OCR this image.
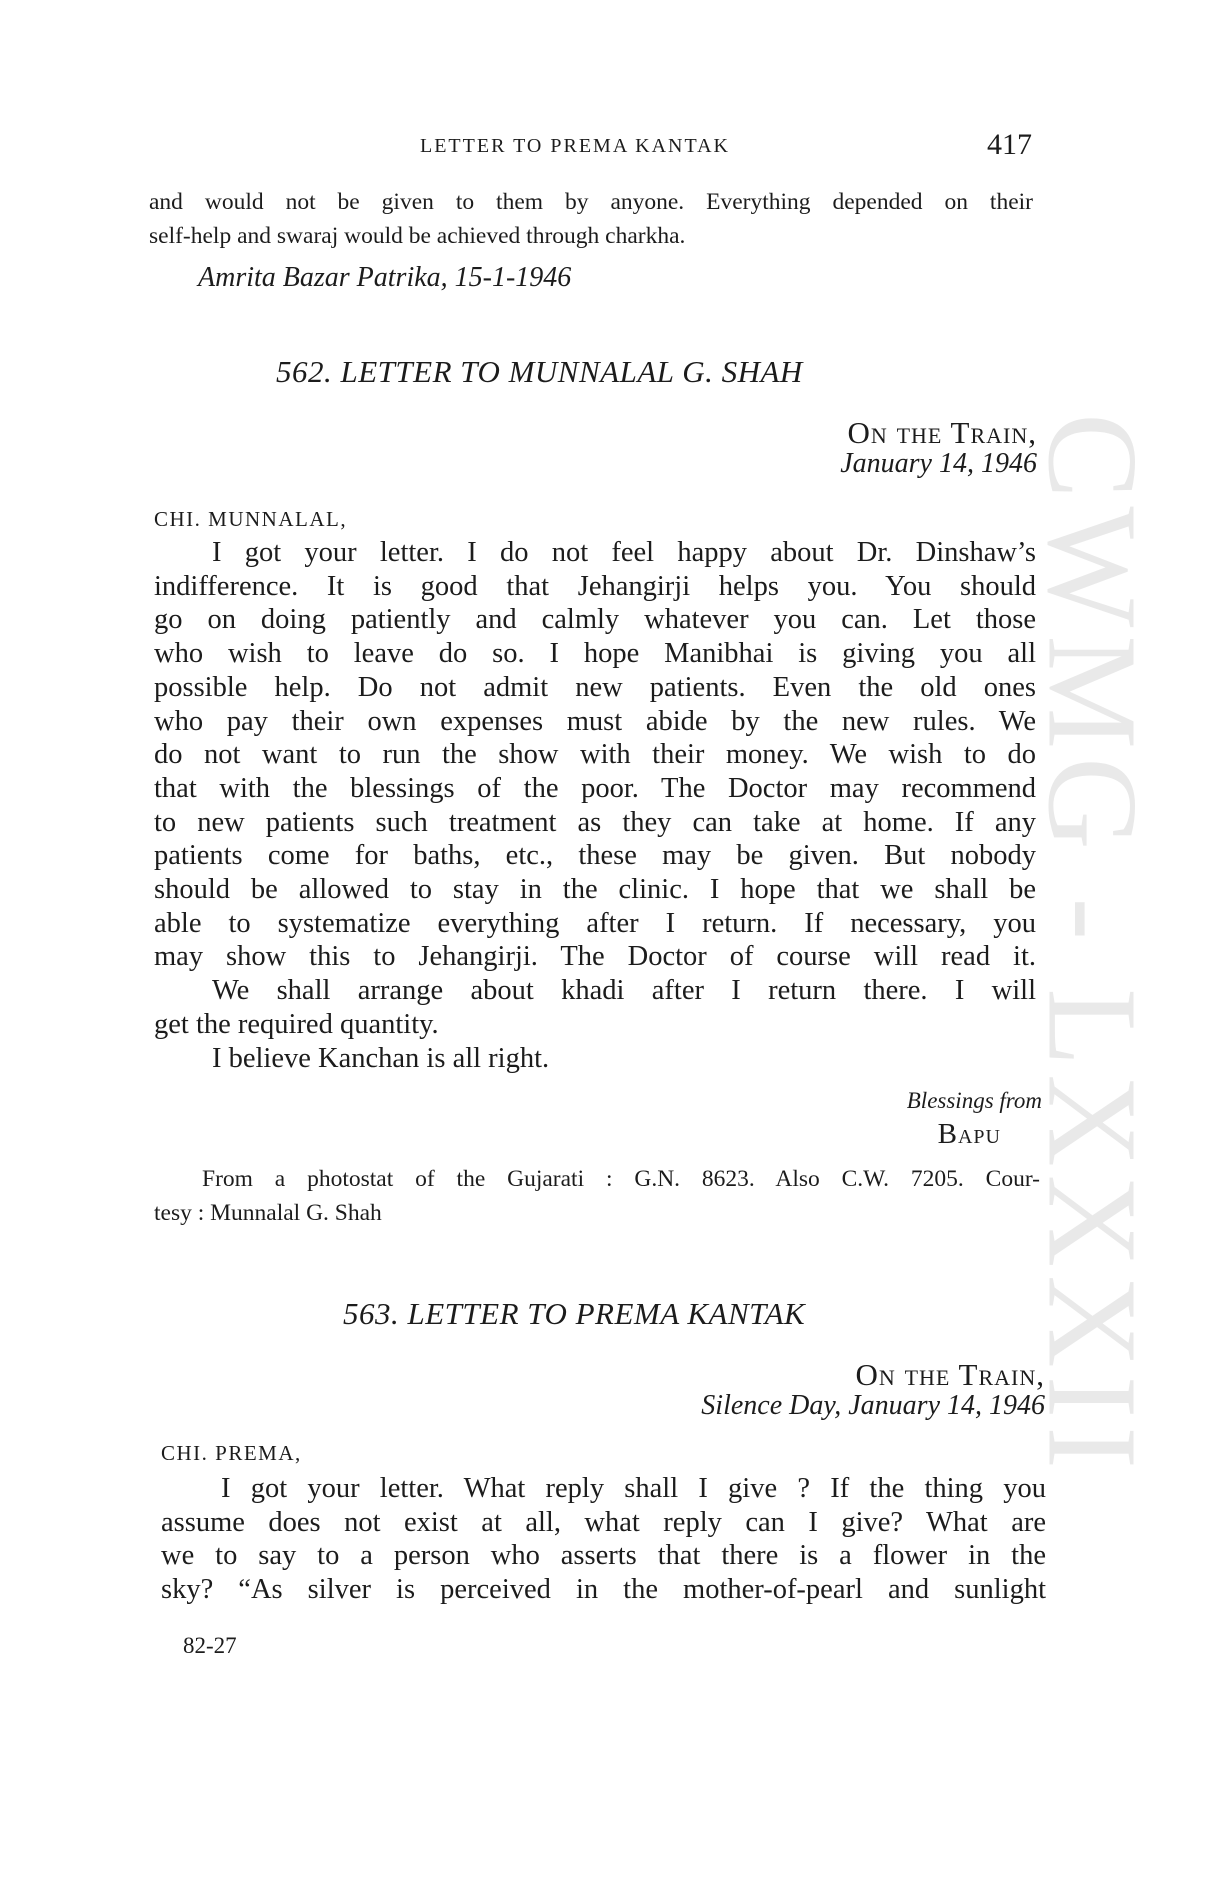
CWMG - LXXXII
LETTER TO PREMA KANTAK	417

and would not be given to them by anyone. Everything depended on their

self-help and swaraj would be achieved through charkha.

Amrita Bazar Patrika, 15-1-1946
562. LETTER TO MUNNALAL G. SHAH
On the Train,
January 14, 1946
CHI. MUNNALAL,

I got your letter. I do not feel happy about Dr. Dinshaw’s

indifference. It is good that Jehangirji helps you. You should

go on doing patiently and calmly whatever you can. Let those

who wish to leave do so. I hope Manibhai is giving you all

possible help. Do not admit new patients. Even the old ones

who pay their own expenses must abide by the new rules. We

do not want to run the show with their money. We wish to do

that with the blessings of the poor. The Doctor may recommend

to new patients such treatment as they can take at home. If any

patients come for baths, etc., these may be given. But nobody

should be allowed to stay in the clinic. I hope that we shall be

able to systematize everything after I return. If necessary, you

may show this to Jehangirji. The Doctor of course will read it.

We shall arrange about khadi after I return there. I will

get the required quantity.

I believe Kanchan is all right.

Blessings from
Bapu

From a photostat of the Gujarati : G.N. 8623. Also C.W. 7205. Cour-

tesy : Munnalal G. Shah

563. LETTER TO PREMA KANTAK
On the Train,
Silence Day, January 14, 1946
CHI. PREMA,

I got your letter. What reply shall I give ? If the thing you

assume does not exist at all, what reply can I give? What are

we to say to a person who asserts that there is a flower in the

sky? “As silver is perceived in the mother-of-pearl and sunlight

82-27
